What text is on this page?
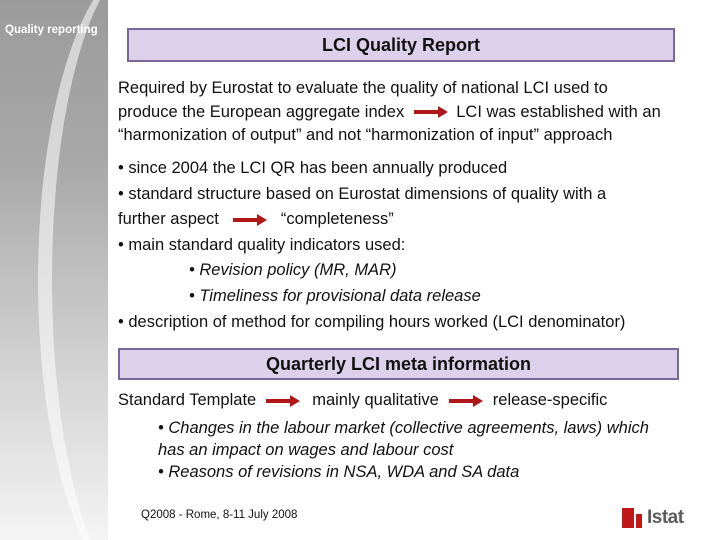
Quality reporting
LCI Quality Report
Required by Eurostat to evaluate the quality of national LCI used to
produce the European aggregate index	LCI was established with an
“harmonization of output” and not “harmonization of input” approach
• since 2004 the LCI QR has been annually produced
• standard structure based on Eurostat dimensions of quality with a
further aspect	“completeness”
• main standard quality indicators used:
• Revision policy (MR, MAR)
• Timeliness for provisional data release
• description of method for compiling hours worked (LCI denominator)
Quarterly LCI meta information
Standard Template	mainly qualitative	release-specific
• Changes in the labour market (collective agreements, laws) which
has an impact on wages and labour cost
• Reasons of revisions in NSA, WDA and SA data
Q2008 - Rome, 8-11 July 2008	Istat
